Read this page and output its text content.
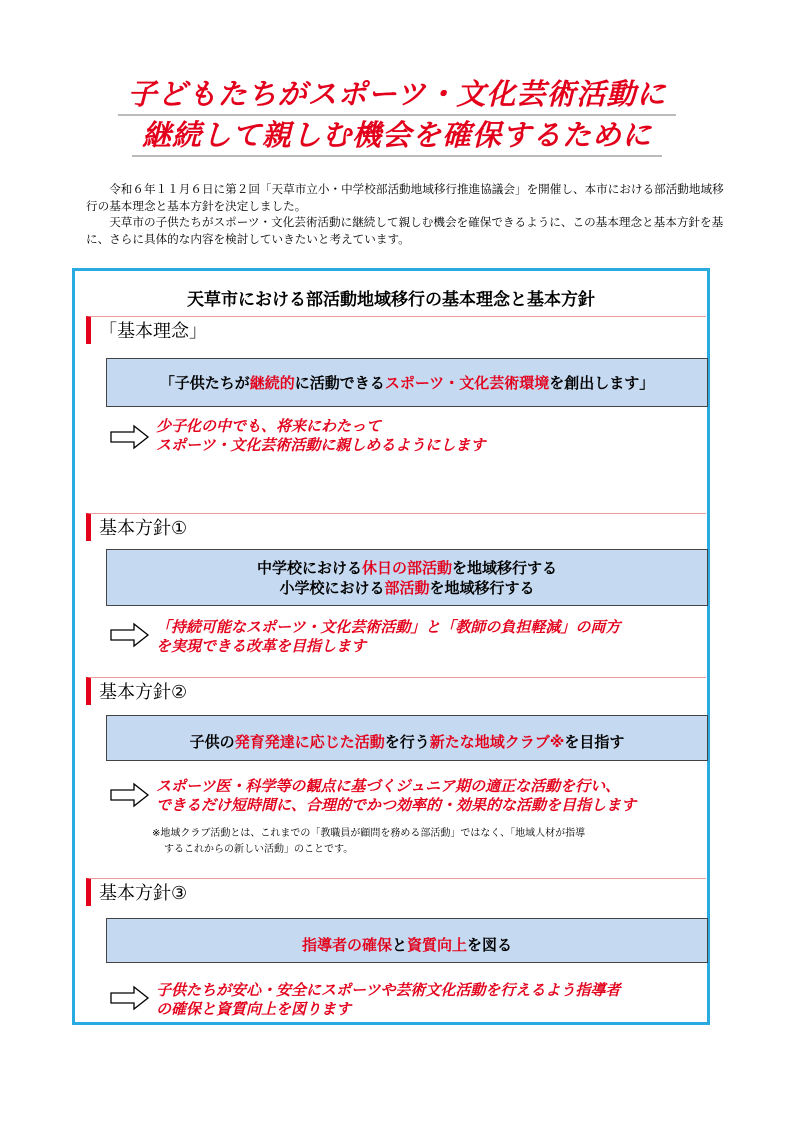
子どもたちがスポーツ・文化芸術活動に
継続して親しむ機会を確保するために

令和６年１１月６日に第２回「天草市立小・中学校部活動地域移行推進協議会」を開催し、本市における部活動地域移行の基本理念と基本方針を決定しました。

天草市の子供たちがスポーツ・文化芸術活動に継続して親しむ機会を確保できるように、この基本理念と基本方針を基に、さらに具体的な内容を検討していきたいと考えています。

天草市における部活動地域移行の基本理念と基本方針
「基本理念」
「子供たちが継続的に活動できるスポーツ・文化芸術環境を創出します」
少子化の中でも、将来にわたって
スポーツ・文化芸術活動に親しめるようにします
基本方針①
中学校における休日の部活動を地域移行する
小学校における部活動を地域移行する
「持続可能なスポーツ・文化芸術活動」と「教師の負担軽減」の両方
を実現できる改革を目指します
基本方針②
子供の発育発達に応じた活動を行う新たな地域クラブ※を目指す
スポーツ医・科学等の観点に基づくジュニア期の適正な活動を行い、
できるだけ短時間に、合理的でかつ効率的・効果的な活動を目指します
※地域クラブ活動とは、これまでの「教職員が顧問を務める部活動」ではなく、「地域人材が指導
するこれからの新しい活動」のことです。
基本方針③
指導者の確保と資質向上を図る
子供たちが安心・安全にスポーツや芸術文化活動を行えるよう指導者
の確保と資質向上を図ります
